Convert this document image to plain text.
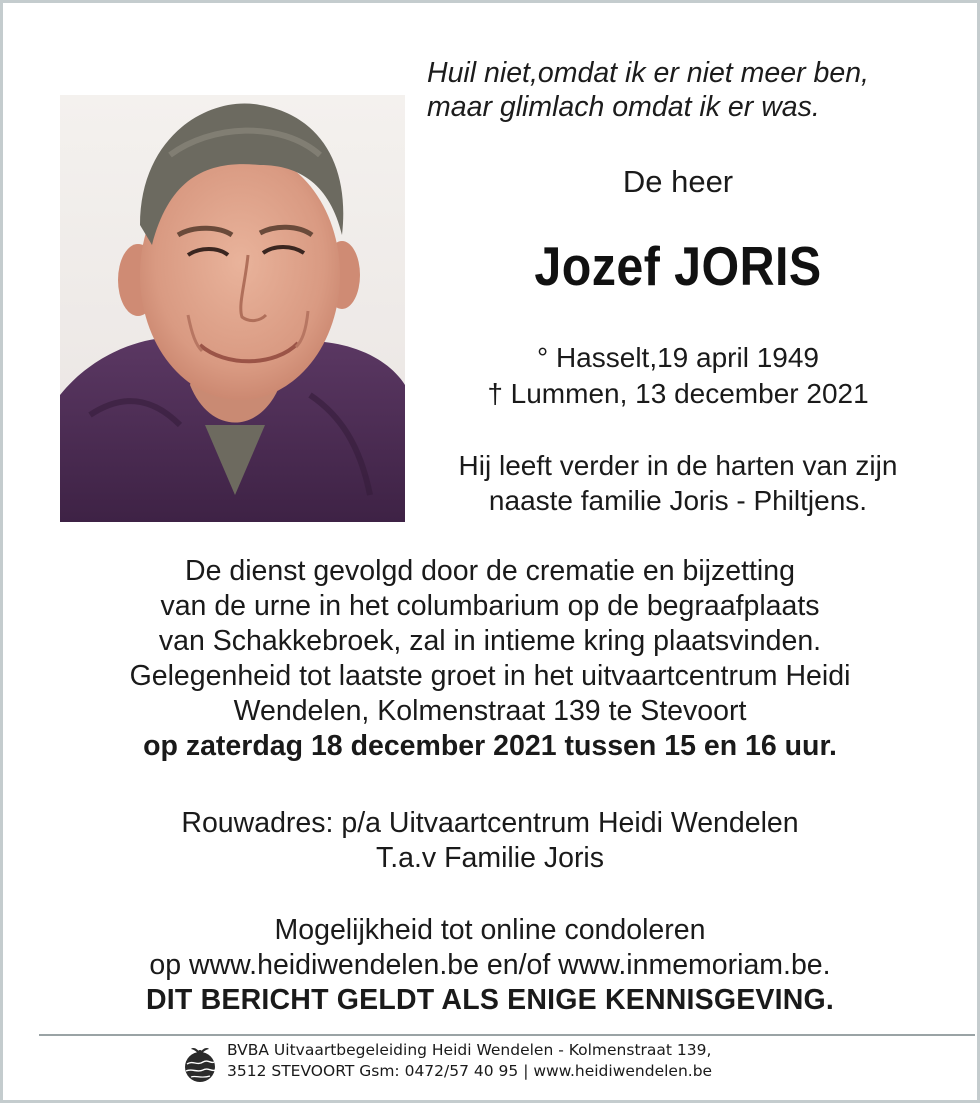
Huil niet,omdat ik er niet meer ben,
maar glimlach omdat ik er was.
De heer
Jozef JORIS
° Hasselt,19 april 1949
† Lummen, 13 december 2021
Hij leeft verder in de harten van zijn
naaste familie Joris - Philtjens.
De dienst gevolgd door de crematie en bijzetting
van de urne in het columbarium op de begraafplaats
van Schakkebroek, zal in intieme kring plaatsvinden.
Gelegenheid tot laatste groet in het uitvaartcentrum Heidi
Wendelen, Kolmenstraat 139 te Stevoort
op zaterdag 18 december 2021 tussen 15 en 16 uur.
Rouwadres: p/a Uitvaartcentrum Heidi Wendelen
T.a.v Familie Joris
Mogelijkheid tot online condoleren
op www.heidiwendelen.be en/of www.inmemoriam.be.
DIT BERICHT GELDT ALS ENIGE KENNISGEVING.
BVBA Uitvaartbegeleiding Heidi Wendelen - Kolmenstraat 139,
3512 STEVOORT Gsm: 0472/57 40 95 | www.heidiwendelen.be
